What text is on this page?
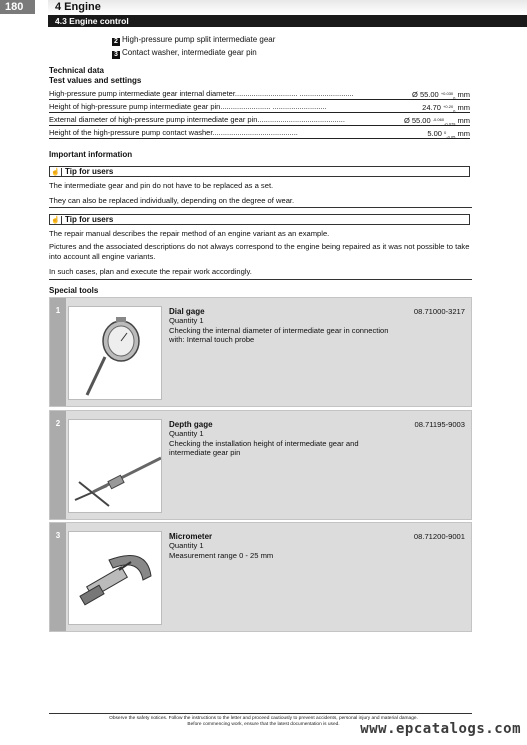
180	4 Engine
4.3 Engine control
2 High-pressure pump split intermediate gear
3 Contact washer, intermediate gear pin
Technical data
Test values and settings
High-pressure pump intermediate gear internal diameter.............................. ..........................	Ø 55.00 $^{+0.030}_0$ mm
Height of high-pressure pump intermediate gear pin........................ ..........................	24.70 $^{+0.20}_0$ mm
External diameter of high-pressure pump intermediate gear pin..........................................	Ø 55.00 $^{-0.060}_{-0.079}$ mm
Height of the high-pressure pump contact washer.........................................	5.00 $^0_{-0.05}$ mm
Important information
☝ Tip for users
The intermediate gear and pin do not have to be replaced as a set.
They can also be replaced individually, depending on the degree of wear.
☝ Tip for users
The repair manual describes the repair method of an engine variant as an example.
Pictures and the associated descriptions do not always correspond to the engine being repaired as it was not possible to take into account all engine variants.
In such cases, plan and execute the repair work accordingly.
Special tools
1	Dial gage	08.71000-3217
Quantity 1
Checking the internal diameter of intermediate gear in connection with: Internal touch probe
2	Depth gage	08.71195-9003
Quantity 1
Checking the installation height of intermediate gear and intermediate gear pin
3	Micrometer	08.71200-9001
Quantity 1
Measurement range 0 - 25 mm
Observe the safety notices. Follow the instructions to the letter and proceed cautiously to prevent accidents, personal injury and material damage.
Before commencing work, ensure that the latest documentation is used.	www.epcatalogs.com
